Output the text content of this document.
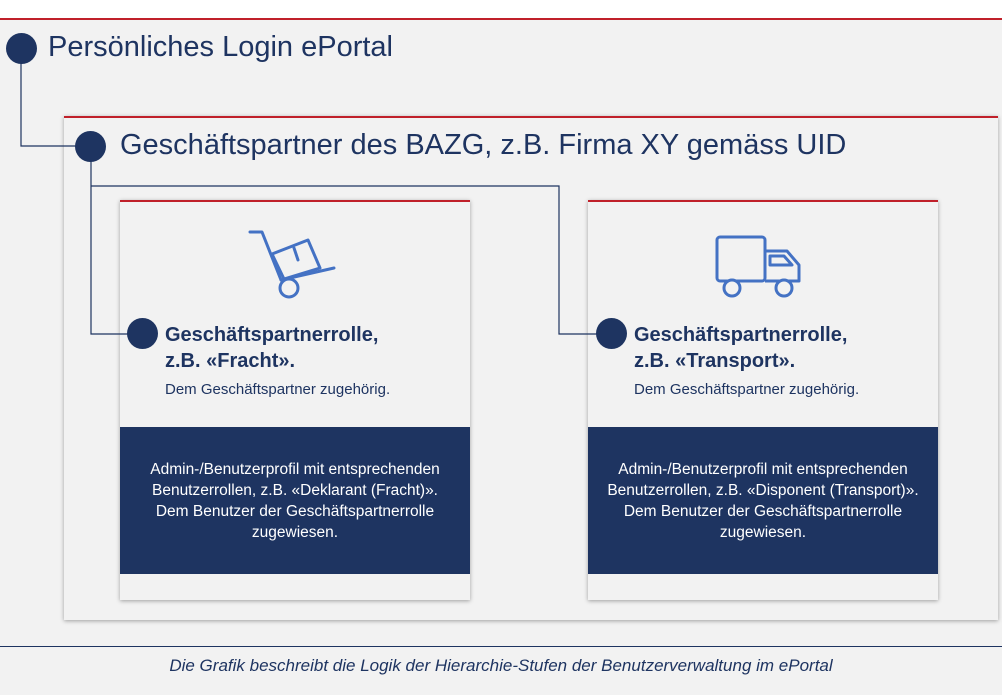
Persönliches Login ePortal
Geschäftspartner des BAZG, z.B. Firma XY gemäss UID
Geschäftspartnerrolle,
z.B. «Fracht».
Dem Geschäftspartner zugehörig.
Admin-/Benutzerprofil mit entsprechenden Benutzerrollen, z.B. «Deklarant (Fracht)». Dem Benutzer der Geschäftspartnerrolle zugewiesen.
Geschäftspartnerrolle,
z.B. «Transport».
Dem Geschäftspartner zugehörig.
Admin-/Benutzerprofil mit entsprechenden Benutzerrollen, z.B. «Disponent (Transport)». Dem Benutzer der Geschäftspartnerrolle zugewiesen.
Die Grafik beschreibt die Logik der Hierarchie-Stufen der Benutzerverwaltung im ePortal
